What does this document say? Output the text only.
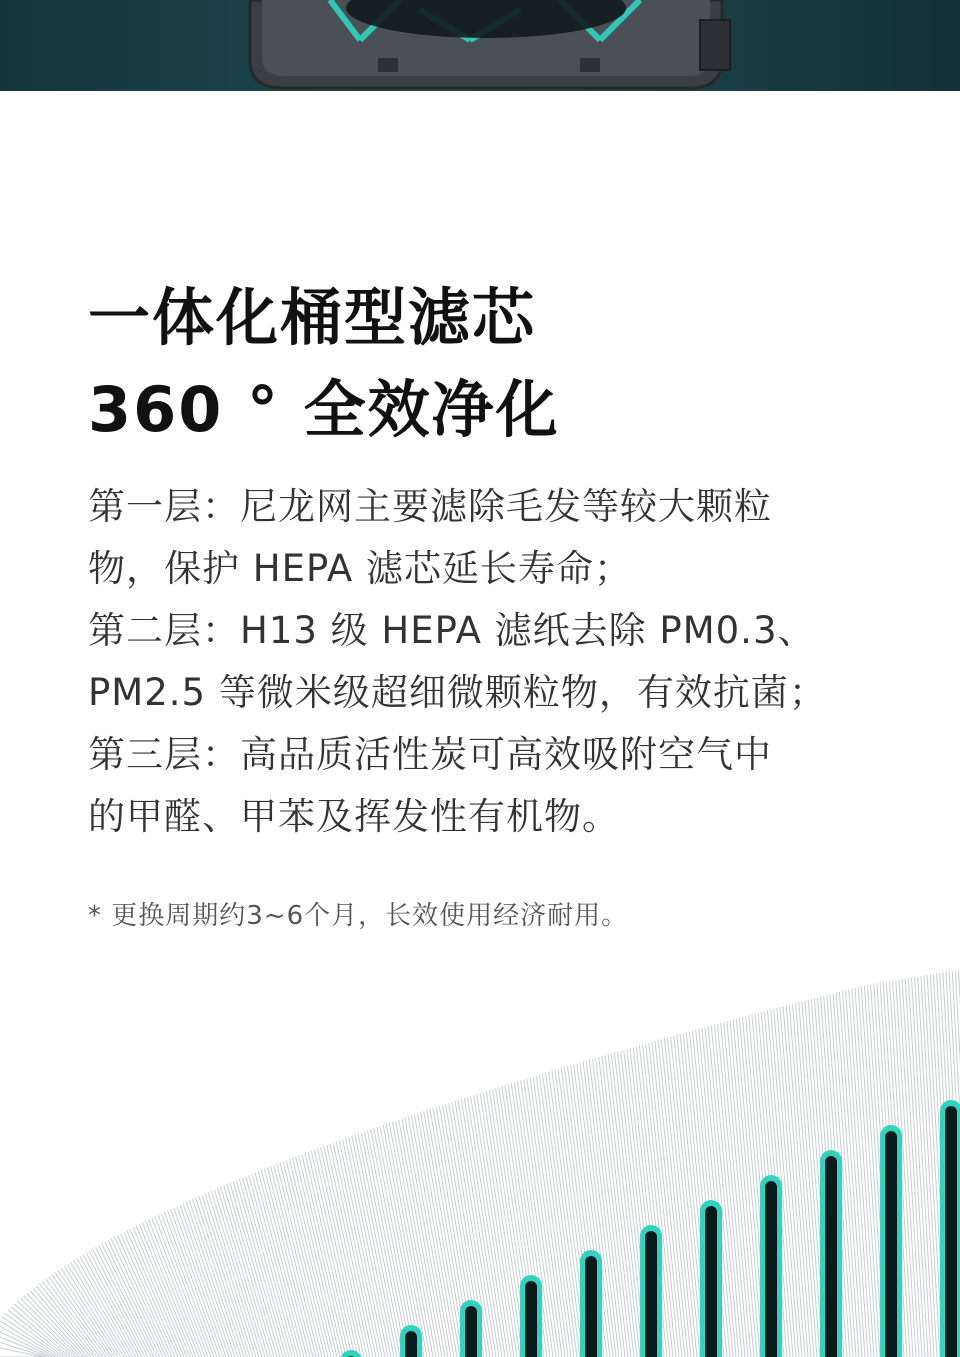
一体化桶型滤芯

360 ° 全效净化

第一层：尼龙网主要滤除毛发等较大颗粒
物，保护 HEPA 滤芯延长寿命；
第二层：H13 级 HEPA 滤纸去除 PM0.3、
PM2.5 等微米级超细微颗粒物，有效抗菌；
第三层：高品质活性炭可高效吸附空气中
的甲醛、甲苯及挥发性有机物。
* 更换周期约3~6个月，长效使用经济耐用。
